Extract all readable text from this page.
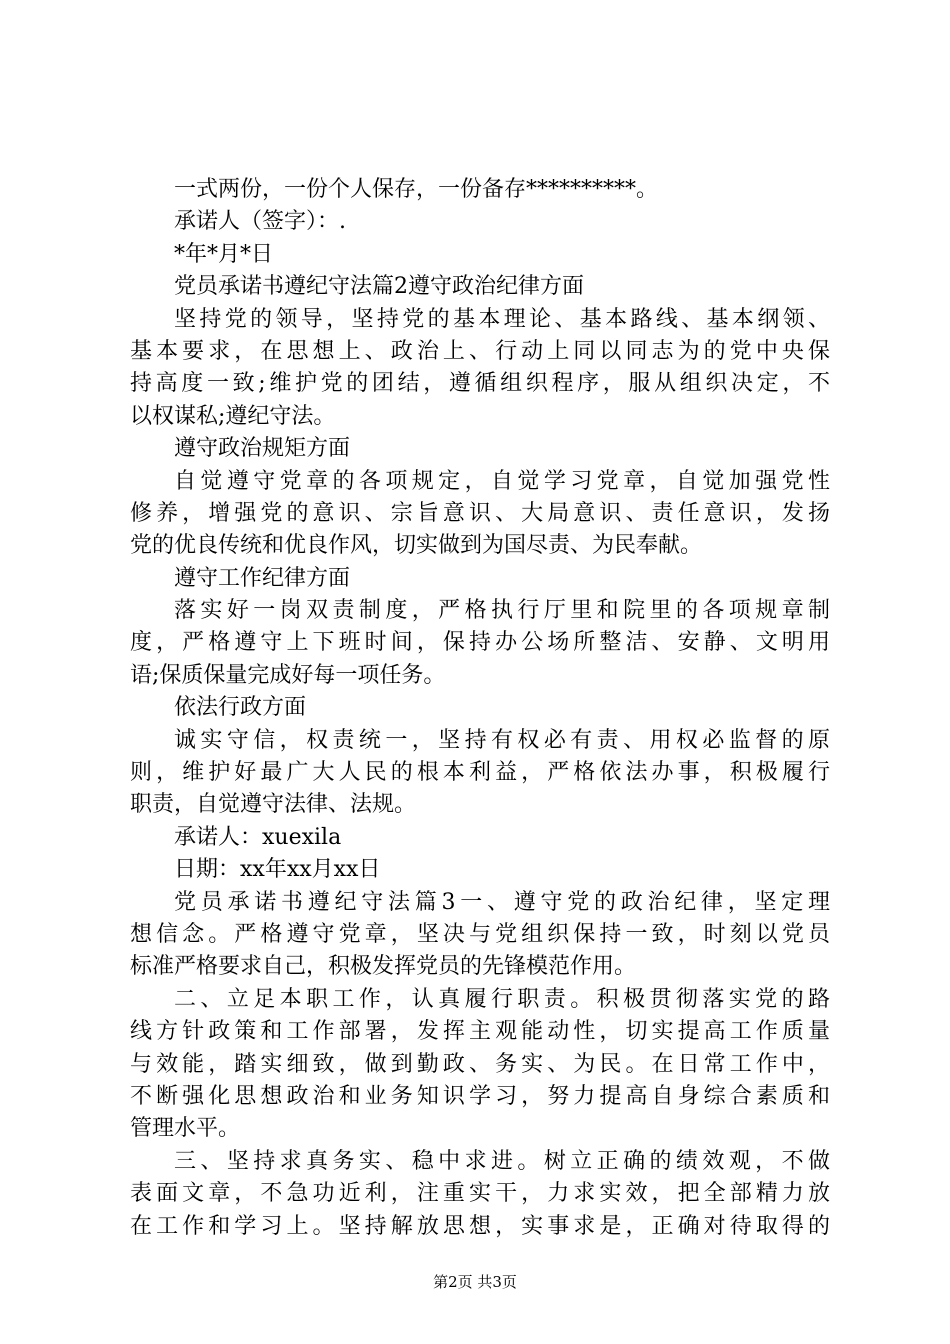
一式两份，一份个人保存，一份备存**********。
承诺人（签字）：.
*年*月*日
党员承诺书遵纪守法篇2遵守政治纪律方面
坚持党的领导，坚持党的基本理论、基本路线、基本纲领、
基本要求，在思想上、政治上、行动上同以同志为的党中央保
持高度一致;维护党的团结，遵循组织程序，服从组织决定，不
以权谋私;遵纪守法。
遵守政治规矩方面
自觉遵守党章的各项规定，自觉学习党章，自觉加强党性
修养，增强党的意识、宗旨意识、大局意识、责任意识，发扬
党的优良传统和优良作风，切实做到为国尽责、为民奉献。
遵守工作纪律方面
落实好一岗双责制度，严格执行厅里和院里的各项规章制
度，严格遵守上下班时间，保持办公场所整洁、安静、文明用
语;保质保量完成好每一项任务。
依法行政方面
诚实守信，权责统一，坚持有权必有责、用权必监督的原
则，维护好最广大人民的根本利益，严格依法办事，积极履行
职责，自觉遵守法律、法规。
承诺人：xuexila
日期：xx年xx月xx日
党员承诺书遵纪守法篇3一、遵守党的政治纪律，坚定理
想信念。严格遵守党章，坚决与党组织保持一致，时刻以党员
标准严格要求自己，积极发挥党员的先锋模范作用。
二、立足本职工作，认真履行职责。积极贯彻落实党的路
线方针政策和工作部署，发挥主观能动性，切实提高工作质量
与效能，踏实细致，做到勤政、务实、为民。在日常工作中，
不断强化思想政治和业务知识学习，努力提高自身综合素质和
管理水平。
三、坚持求真务实、稳中求进。树立正确的绩效观，不做
表面文章，不急功近利，注重实干，力求实效，把全部精力放
在工作和学习上。坚持解放思想，实事求是，正确对待取得的
第2页 共3页
